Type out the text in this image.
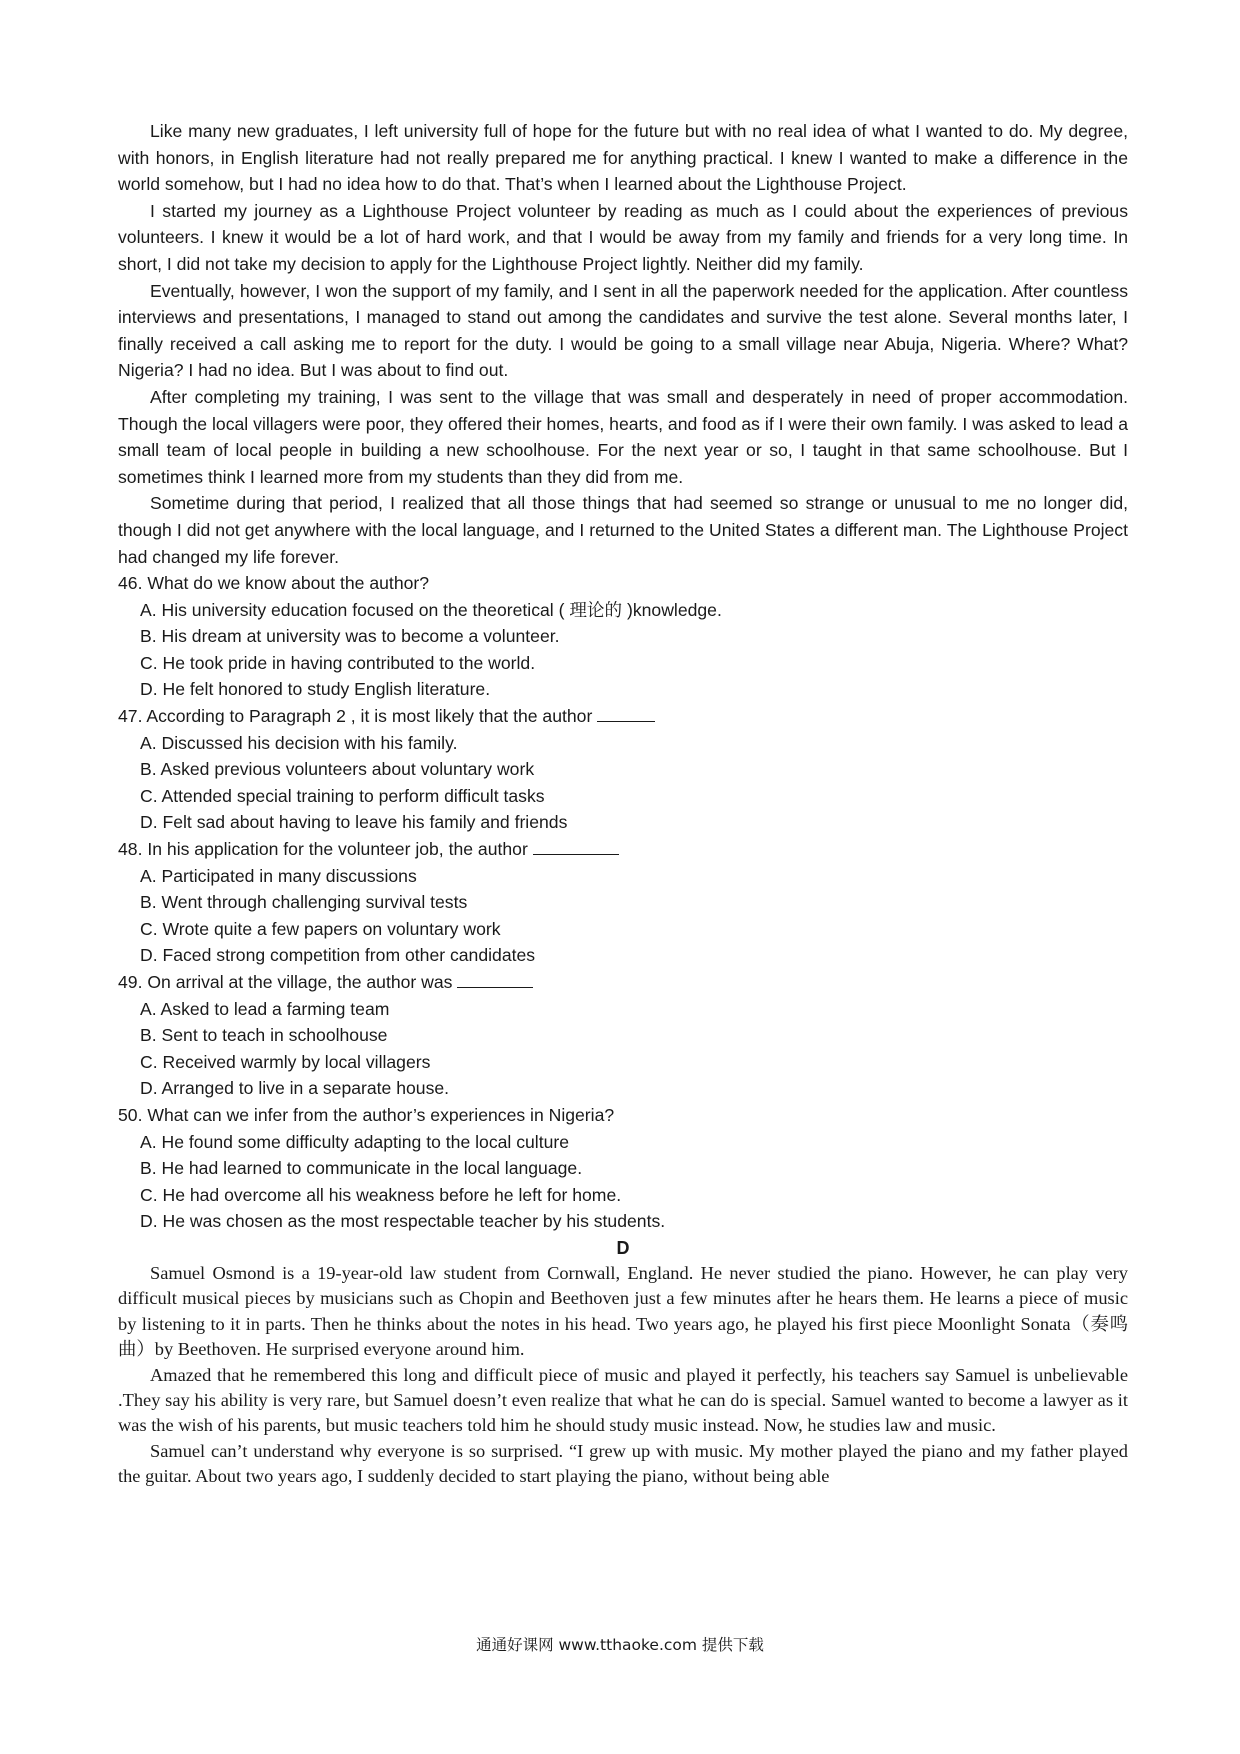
Like many new graduates, I left university full of hope for the future but with no real idea of what I wanted to do. My degree, with honors, in English literature had not really prepared me for anything practical. I knew I wanted to make a difference in the world somehow, but I had no idea how to do that. That’s when I learned about the Lighthouse Project.

I started my journey as a Lighthouse Project volunteer by reading as much as I could about the experiences of previous volunteers. I knew it would be a lot of hard work, and that I would be away from my family and friends for a very long time. In short, I did not take my decision to apply for the Lighthouse Project lightly. Neither did my family.

Eventually, however, I won the support of my family, and I sent in all the paperwork needed for the application. After countless interviews and presentations, I managed to stand out among the candidates and survive the test alone. Several months later, I finally received a call asking me to report for the duty. I would be going to a small village near Abuja, Nigeria. Where? What? Nigeria? I had no idea. But I was about to find out.

After completing my training, I was sent to the village that was small and desperately in need of proper accommodation. Though the local villagers were poor, they offered their homes, hearts, and food as if I were their own family. I was asked to lead a small team of local people in building a new schoolhouse. For the next year or so, I taught in that same schoolhouse. But I sometimes think I learned more from my students than they did from me.

Sometime during that period, I realized that all those things that had seemed so strange or unusual to me no longer did, though I did not get anywhere with the local language, and I returned to the United States a different man. The Lighthouse Project had changed my life forever.

46. What do we know about the author?
A. His university education focused on the theoretical ( 理论的 )knowledge.
B. His dream at university was to become a volunteer.
C. He took pride in having contributed to the world.
D. He felt honored to study English literature.
47. According to Paragraph 2 , it is most likely that the author
A. Discussed his decision with his family.
B. Asked previous volunteers about voluntary work
C. Attended special training to perform difficult tasks
D. Felt sad about having to leave his family and friends
48. In his application for the volunteer job, the author
A. Participated in many discussions
B. Went through challenging survival tests
C. Wrote quite a few papers on voluntary work
D. Faced strong competition from other candidates
49. On arrival at the village, the author was
A. Asked to lead a farming team
B. Sent to teach in schoolhouse
C. Received warmly by local villagers
D. Arranged to live in a separate house.
50. What can we infer from the author’s experiences in Nigeria?
A. He found some difficulty adapting to the local culture
B. He had learned to communicate in the local language.
C. He had overcome all his weakness before he left for home.
D. He was chosen as the most respectable teacher by his students.
D

Samuel Osmond is a 19-year-old law student from Cornwall, England. He never studied the piano. However, he can play very difficult musical pieces by musicians such as Chopin and Beethoven just a few minutes after he hears them. He learns a piece of music by listening to it in parts. Then he thinks about the notes in his head. Two years ago, he played his first piece Moonlight Sonata（奏鸣曲）by Beethoven. He surprised everyone around him.

Amazed that he remembered this long and difficult piece of music and played it perfectly, his teachers say Samuel is unbelievable .They say his ability is very rare, but Samuel doesn’t even realize that what he can do is special. Samuel wanted to become a lawyer as it was the wish of his parents, but music teachers told him he should study music instead. Now, he studies law and music.

Samuel can’t understand why everyone is so surprised. “I grew up with music. My mother played the piano and my father played the guitar. About two years ago, I suddenly decided to start playing the piano, without being able

通通好课网 www.tthaoke.com 提供下载
